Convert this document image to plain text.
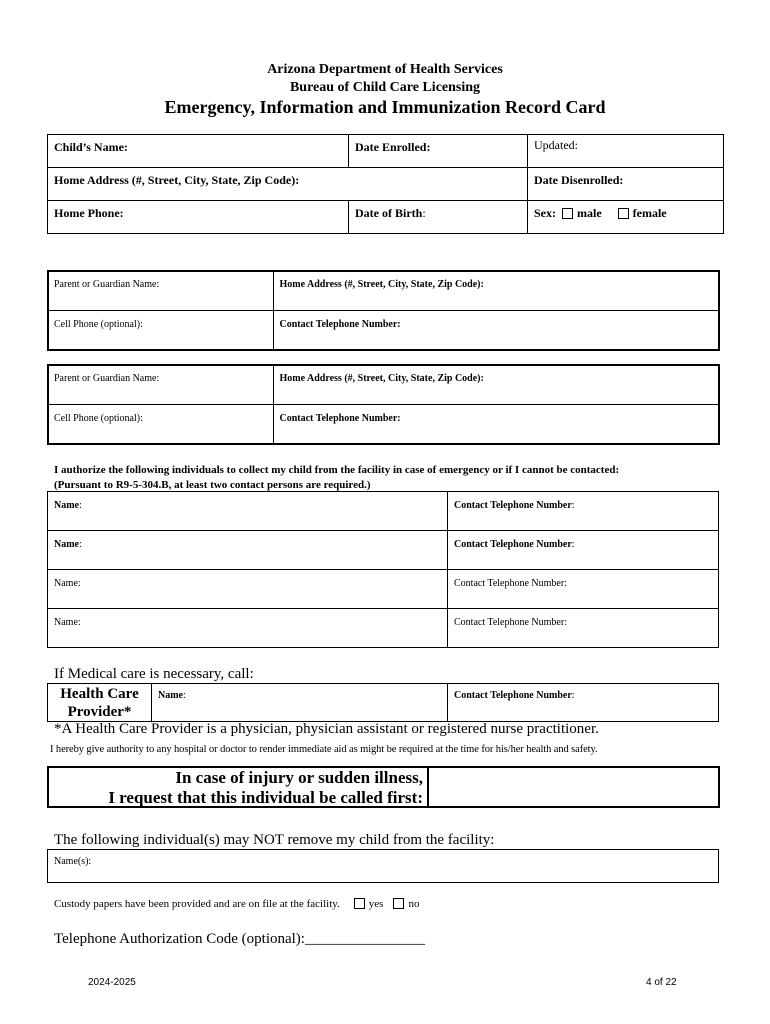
Arizona Department of Health Services
Bureau of Child Care Licensing
Emergency, Information and Immunization Record Card
Child’s Name:	Date Enrolled:	Updated:
Home Address (#, Street, City, State, Zip Code):		Date Disenrolled:
Home Phone:	Date of Birth:	Sex: male female
Parent or Guardian Name:	Home Address (#, Street, City, State, Zip Code):
Cell Phone (optional):	Contact Telephone Number:
Parent or Guardian Name:	Home Address (#, Street, City, State, Zip Code):
Cell Phone (optional):	Contact Telephone Number:
I authorize the following individuals to collect my child from the facility in case of emergency or if I cannot be contacted:
(Pursuant to R9-5-304.B, at least two contact persons are required.)
Name:	Contact Telephone Number:
Name:	Contact Telephone Number:
Name:	Contact Telephone Number:
Name:	Contact Telephone Number:
If Medical care is necessary, call:
Health Care
Provider*
	Name:	Contact Telephone Number:
*A Health Care Provider is a physician, physician assistant or registered nurse practitioner.
I hereby give authority to any hospital or doctor to render immediate aid as might be required at the time for his/her health and safety.
In case of injury or sudden illness,
I request that this individual be called first:
The following individual(s) may NOT remove my child from the facility:
Name(s):
Custody papers have been provided and are on file at the facility.	yes no
Telephone Authorization Code (optional):________________
2024-2025	4 of 22
